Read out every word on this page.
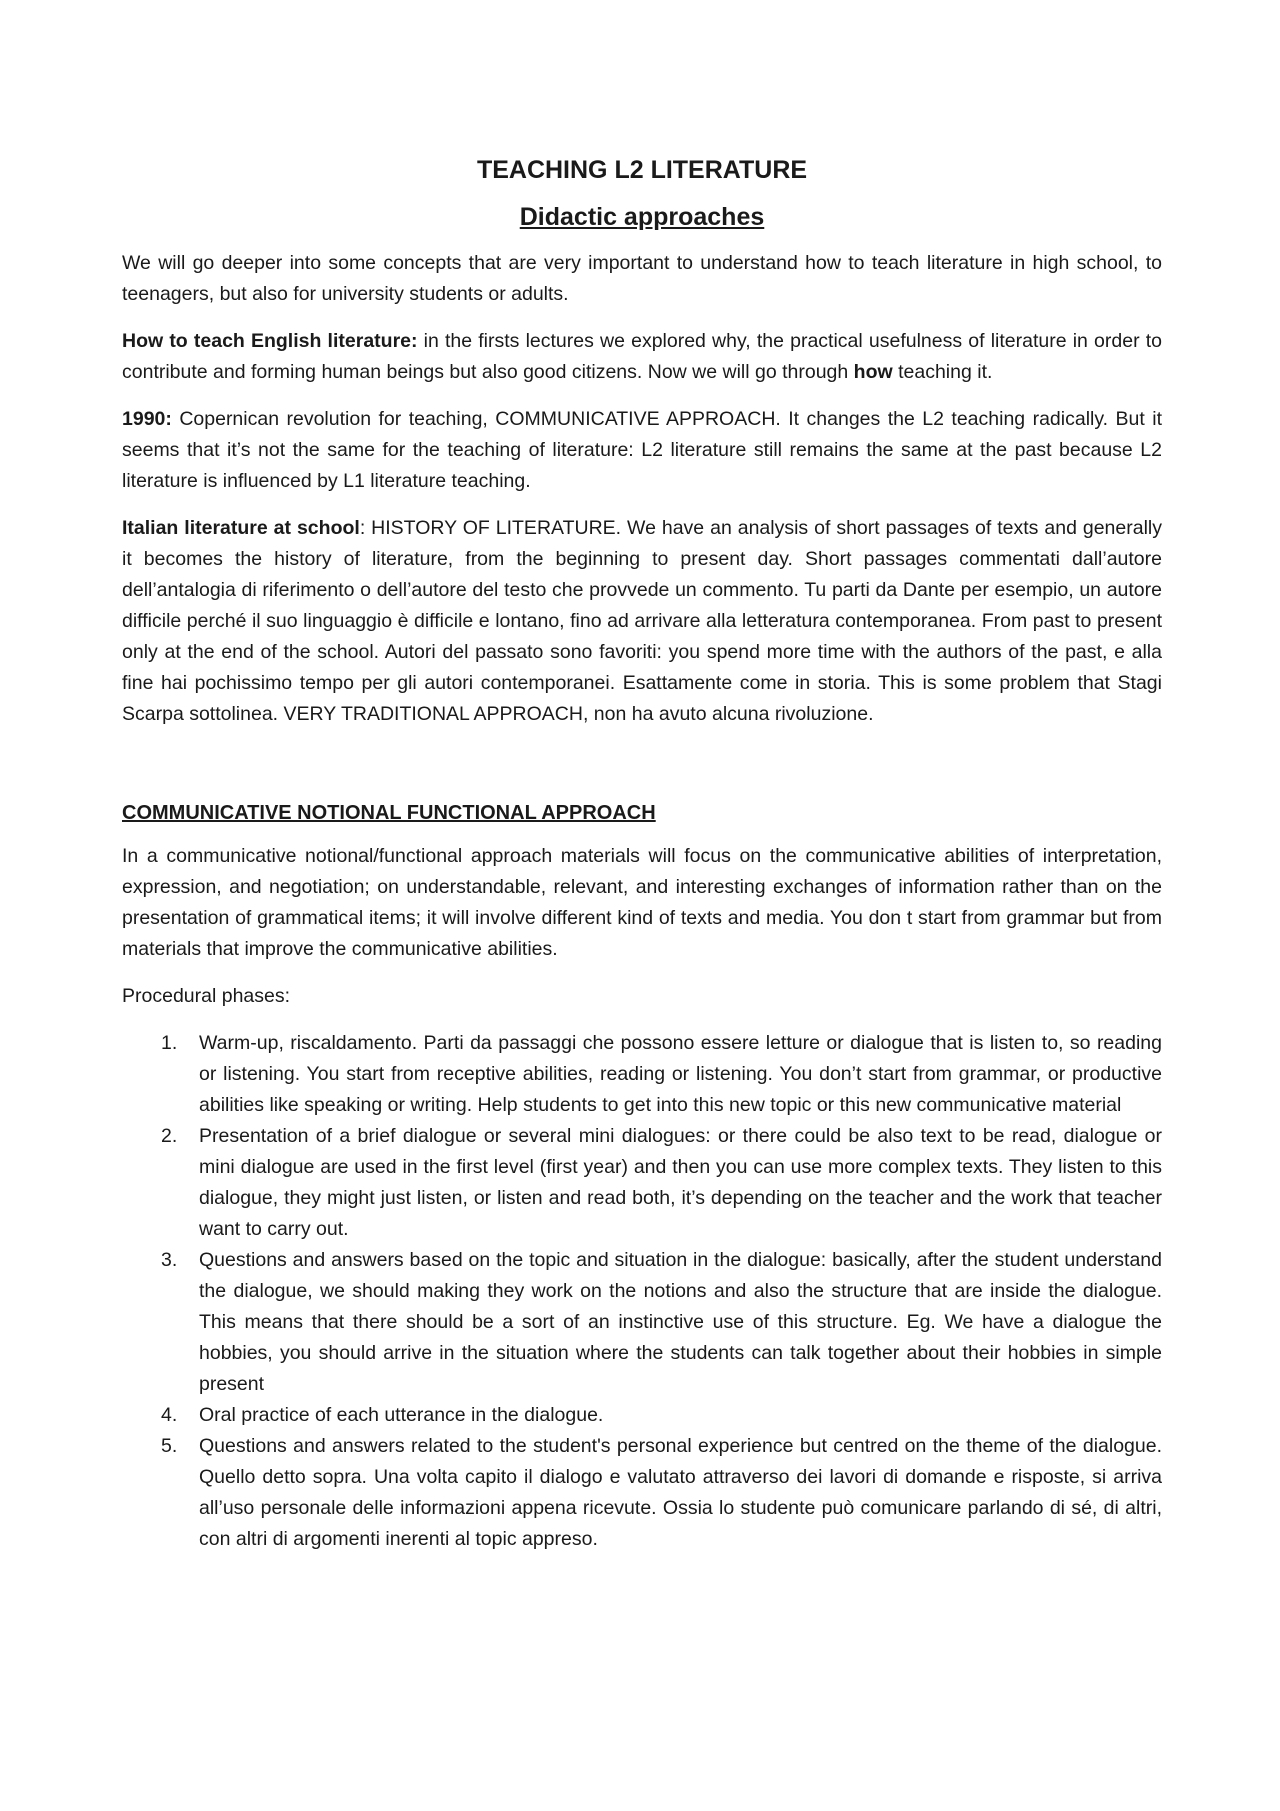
TEACHING L2 LITERATURE
Didactic approaches

We will go deeper into some concepts that are very important to understand how to teach literature in high school, to teenagers, but also for university students or adults.

How to teach English literature: in the firsts lectures we explored why, the practical usefulness of literature in order to contribute and forming human beings but also good citizens. Now we will go through how teaching it.

1990: Copernican revolution for teaching, COMMUNICATIVE APPROACH. It changes the L2 teaching radically. But it seems that it’s not the same for the teaching of literature: L2 literature still remains the same at the past because L2 literature is influenced by L1 literature teaching.

Italian literature at school: HISTORY OF LITERATURE. We have an analysis of short passages of texts and generally it becomes the history of literature, from the beginning to present day. Short passages commentati dall’autore dell’antalogia di riferimento o dell’autore del testo che provvede un commento. Tu parti da Dante per esempio, un autore difficile perché il suo linguaggio è difficile e lontano, fino ad arrivare alla letteratura contemporanea. From past to present only at the end of the school. Autori del passato sono favoriti: you spend more time with the authors of the past, e alla fine hai pochissimo tempo per gli autori contemporanei. Esattamente come in storia. This is some problem that Stagi Scarpa sottolinea. VERY TRADITIONAL APPROACH, non ha avuto alcuna rivoluzione.

COMMUNICATIVE NOTIONAL FUNCTIONAL APPROACH

In a communicative notional/functional approach materials will focus on the communicative abilities of interpretation, expression, and negotiation; on understandable, relevant, and interesting exchanges of information rather than on the presentation of grammatical items; it will involve different kind of texts and media. You don t start from grammar but from materials that improve the communicative abilities.

Procedural phases:

1. Warm-up, riscaldamento. Parti da passaggi che possono essere letture or dialogue that is listen to, so reading or listening. You start from receptive abilities, reading or listening. You don’t start from grammar, or productive abilities like speaking or writing. Help students to get into this new topic or this new communicative material
2. Presentation of a brief dialogue or several mini dialogues: or there could be also text to be read, dialogue or mini dialogue are used in the first level (first year) and then you can use more complex texts. They listen to this dialogue, they might just listen, or listen and read both, it’s depending on the teacher and the work that teacher want to carry out.
3. Questions and answers based on the topic and situation in the dialogue: basically, after the student understand the dialogue, we should making they work on the notions and also the structure that are inside the dialogue. This means that there should be a sort of an instinctive use of this structure. Eg. We have a dialogue the hobbies, you should arrive in the situation where the students can talk together about their hobbies in simple present
4. Oral practice of each utterance in the dialogue.
5. Questions and answers related to the student's personal experience but centred on the theme of the dialogue. Quello detto sopra. Una volta capito il dialogo e valutato attraverso dei lavori di domande e risposte, si arriva all’uso personale delle informazioni appena ricevute. Ossia lo studente può comunicare parlando di sé, di altri, con altri di argomenti inerenti al topic appreso.
